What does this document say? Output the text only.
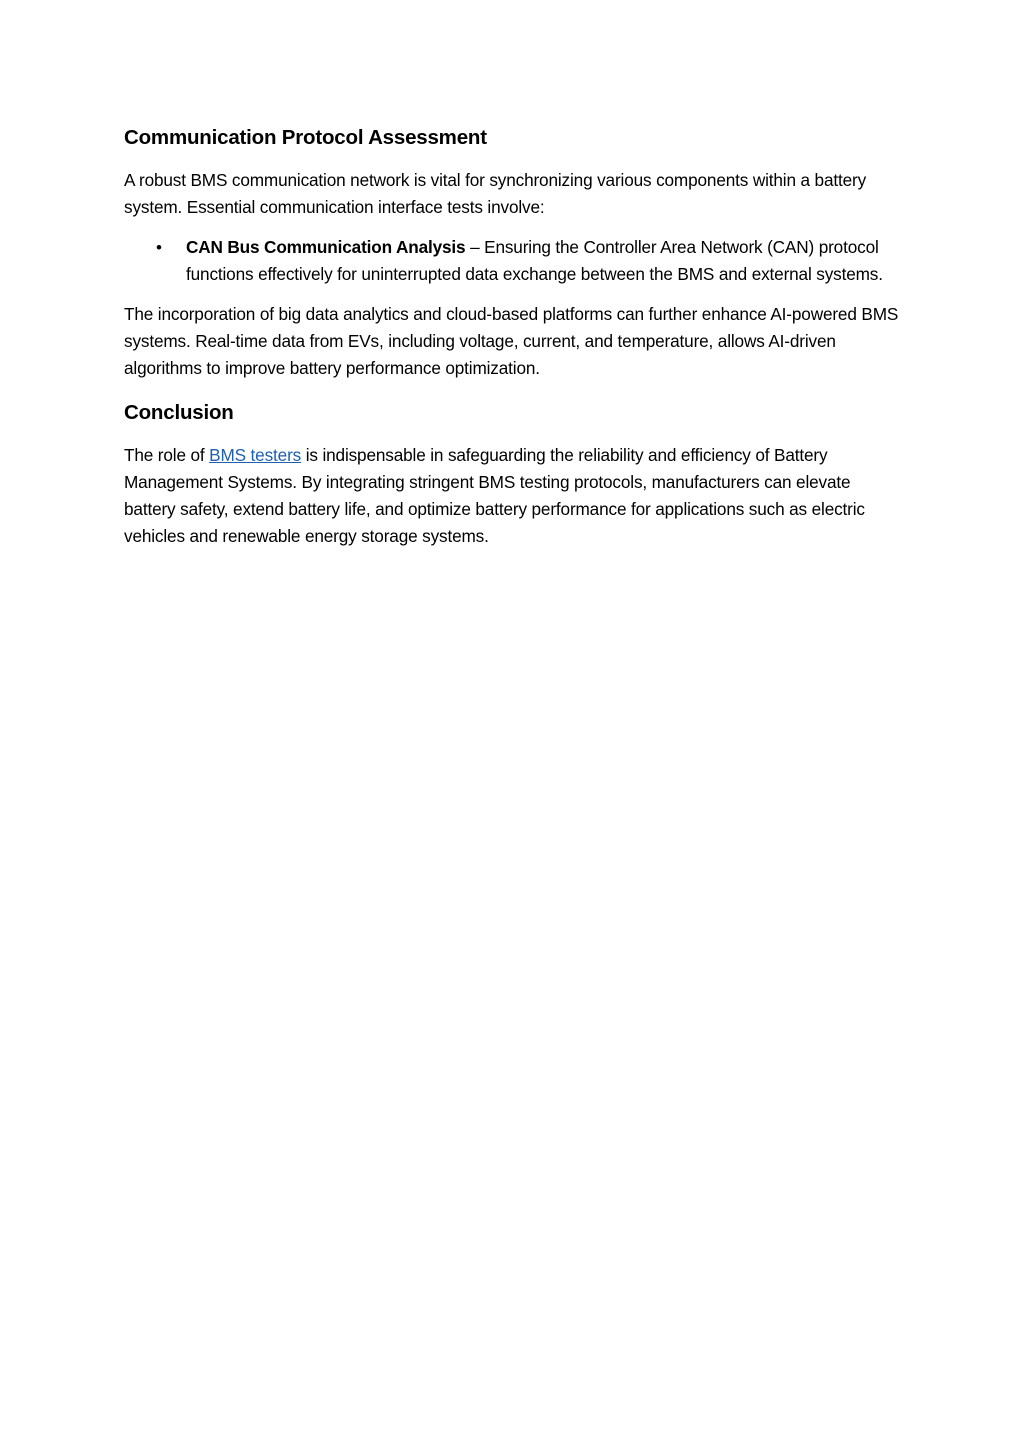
Communication Protocol Assessment

A robust BMS communication network is vital for synchronizing various components within a battery system. Essential communication interface tests involve:

• CAN Bus Communication Analysis – Ensuring the Controller Area Network (CAN) protocol functions effectively for uninterrupted data exchange between the BMS and external systems.

The incorporation of big data analytics and cloud-based platforms can further enhance AI-powered BMS systems. Real-time data from EVs, including voltage, current, and temperature, allows AI-driven algorithms to improve battery performance optimization.

Conclusion

The role of BMS testers is indispensable in safeguarding the reliability and efficiency of Battery Management Systems. By integrating stringent BMS testing protocols, manufacturers can elevate battery safety, extend battery life, and optimize battery performance for applications such as electric vehicles and renewable energy storage systems.
